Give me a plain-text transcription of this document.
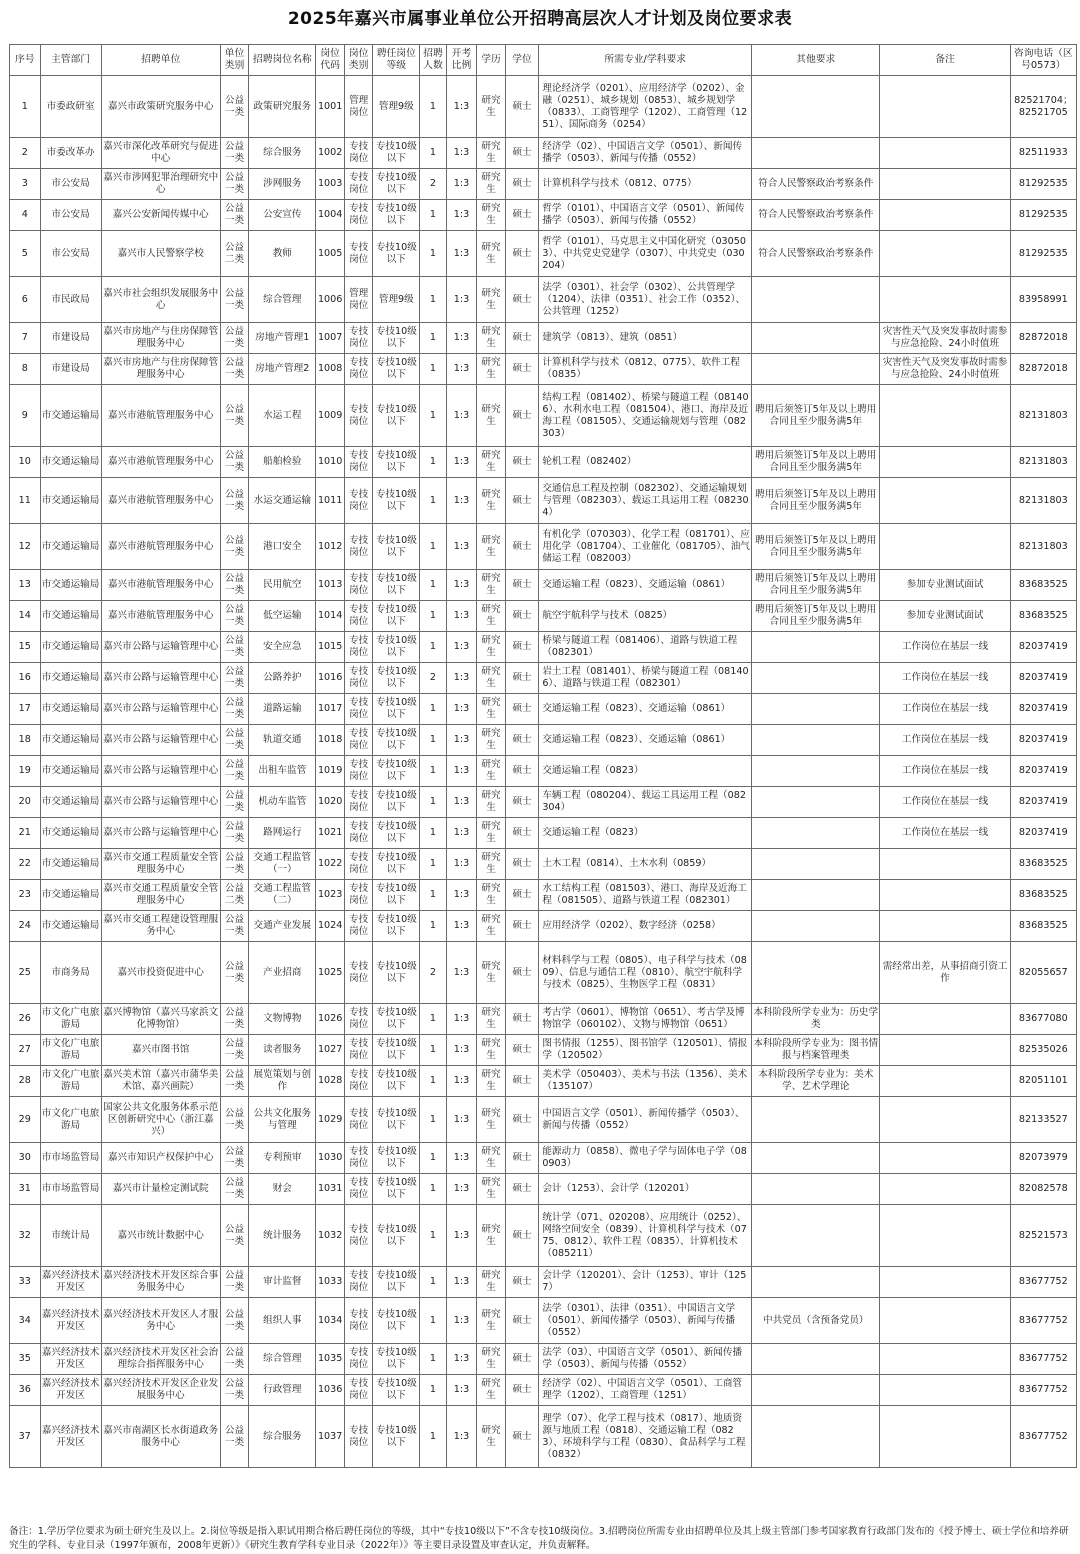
2025年嘉兴市属事业单位公开招聘高层次人才计划及岗位要求表
序号	主管部门	招聘单位	单位类别	招聘岗位名称	岗位代码	岗位类别	聘任岗位等级	招聘人数	开考比例	学历	学位	所需专业/学科要求	其他要求	备注	咨询电话（区号0573）
1	市委政研室	嘉兴市政策研究服务中心	公益一类	政策研究服务	1001	管理岗位	管理9级	1	1:3	研究生	硕士	理论经济学（0201）、应用经济学（0202）、金融（0251）、城乡规划（0853）、城乡规划学（0833）、工商管理学（1202）、工商管理（1251）、国际商务（0254）			82521704；82521705
2	市委改革办	嘉兴市深化改革研究与促进中心	公益一类	综合服务	1002	专技岗位	专技10级以下	1	1:3	研究生	硕士	经济学（02）、中国语言文学（0501）、新闻传播学（0503）、新闻与传播（0552）			82511933
3	市公安局	嘉兴市涉网犯罪治理研究中心	公益一类	涉网服务	1003	专技岗位	专技10级以下	2	1:3	研究生	硕士	计算机科学与技术（0812、0775）	符合人民警察政治考察条件		81292535
4	市公安局	嘉兴公安新闻传媒中心	公益一类	公安宣传	1004	专技岗位	专技10级以下	1	1:3	研究生	硕士	哲学（0101）、中国语言文学（0501）、新闻传播学（0503）、新闻与传播（0552）	符合人民警察政治考察条件		81292535
5	市公安局	嘉兴市人民警察学校	公益二类	教师	1005	专技岗位	专技10级以下	1	1:3	研究生	硕士	哲学（0101）、马克思主义中国化研究（030503）、中共党史党建学（0307）、中共党史（030204）	符合人民警察政治考察条件		81292535
6	市民政局	嘉兴市社会组织发展服务中心	公益一类	综合管理	1006	管理岗位	管理9级	1	1:3	研究生	硕士	法学（0301）、社会学（0302）、公共管理学（1204）、法律（0351）、社会工作（0352）、公共管理（1252）			83958991
7	市建设局	嘉兴市房地产与住房保障管理服务中心	公益一类	房地产管理1	1007	专技岗位	专技10级以下	1	1:3	研究生	硕士	建筑学（0813）、建筑（0851）		灾害性天气及突发事故时需参与应急抢险、24小时值班	82872018
8	市建设局	嘉兴市房地产与住房保障管理服务中心	公益一类	房地产管理2	1008	专技岗位	专技10级以下	1	1:3	研究生	硕士	计算机科学与技术（0812、0775）、软件工程（0835）		灾害性天气及突发事故时需参与应急抢险、24小时值班	82872018
9	市交通运输局	嘉兴市港航管理服务中心	公益一类	水运工程	1009	专技岗位	专技10级以下	1	1:3	研究生	硕士	结构工程（081402）、桥梁与隧道工程（081406）、水利水电工程（081504）、港口、海岸及近海工程（081505）、交通运输规划与管理（082303）	聘用后须签订5年及以上聘用合同且至少服务满5年		82131803
10	市交通运输局	嘉兴市港航管理服务中心	公益一类	船舶检验	1010	专技岗位	专技10级以下	1	1:3	研究生	硕士	轮机工程（082402）	聘用后须签订5年及以上聘用合同且至少服务满5年		82131803
11	市交通运输局	嘉兴市港航管理服务中心	公益一类	水运交通运输	1011	专技岗位	专技10级以下	1	1:3	研究生	硕士	交通信息工程及控制（082302）、交通运输规划与管理（082303）、载运工具运用工程（082304）	聘用后须签订5年及以上聘用合同且至少服务满5年		82131803
12	市交通运输局	嘉兴市港航管理服务中心	公益一类	港口安全	1012	专技岗位	专技10级以下	1	1:3	研究生	硕士	有机化学（070303）、化学工程（081701）、应用化学（081704）、工业催化（081705）、油气储运工程（082003）	聘用后须签订5年及以上聘用合同且至少服务满5年		82131803
13	市交通运输局	嘉兴市港航管理服务中心	公益一类	民用航空	1013	专技岗位	专技10级以下	1	1:3	研究生	硕士	交通运输工程（0823）、交通运输（0861）	聘用后须签订5年及以上聘用合同且至少服务满5年	参加专业测试面试	83683525
14	市交通运输局	嘉兴市港航管理服务中心	公益一类	低空运输	1014	专技岗位	专技10级以下	1	1:3	研究生	硕士	航空宇航科学与技术（0825）	聘用后须签订5年及以上聘用合同且至少服务满5年	参加专业测试面试	83683525
15	市交通运输局	嘉兴市公路与运输管理中心	公益一类	安全应急	1015	专技岗位	专技10级以下	1	1:3	研究生	硕士	桥梁与隧道工程（081406）、道路与铁道工程（082301）		工作岗位在基层一线	82037419
16	市交通运输局	嘉兴市公路与运输管理中心	公益一类	公路养护	1016	专技岗位	专技10级以下	2	1:3	研究生	硕士	岩土工程（081401）、桥梁与隧道工程（081406）、道路与铁道工程（082301）		工作岗位在基层一线	82037419
17	市交通运输局	嘉兴市公路与运输管理中心	公益一类	道路运输	1017	专技岗位	专技10级以下	1	1:3	研究生	硕士	交通运输工程（0823）、交通运输（0861）		工作岗位在基层一线	82037419
18	市交通运输局	嘉兴市公路与运输管理中心	公益一类	轨道交通	1018	专技岗位	专技10级以下	1	1:3	研究生	硕士	交通运输工程（0823）、交通运输（0861）		工作岗位在基层一线	82037419
19	市交通运输局	嘉兴市公路与运输管理中心	公益一类	出租车监管	1019	专技岗位	专技10级以下	1	1:3	研究生	硕士	交通运输工程（0823）		工作岗位在基层一线	82037419
20	市交通运输局	嘉兴市公路与运输管理中心	公益一类	机动车监管	1020	专技岗位	专技10级以下	1	1:3	研究生	硕士	车辆工程（080204）、载运工具运用工程（082304）		工作岗位在基层一线	82037419
21	市交通运输局	嘉兴市公路与运输管理中心	公益一类	路网运行	1021	专技岗位	专技10级以下	1	1:3	研究生	硕士	交通运输工程（0823）		工作岗位在基层一线	82037419
22	市交通运输局	嘉兴市交通工程质量安全管理服务中心	公益一类	交通工程监管（一）	1022	专技岗位	专技10级以下	1	1:3	研究生	硕士	土木工程（0814）、土木水利（0859）			83683525
23	市交通运输局	嘉兴市交通工程质量安全管理服务中心	公益二类	交通工程监管（二）	1023	专技岗位	专技10级以下	1	1:3	研究生	硕士	水工结构工程（081503）、港口、海岸及近海工程（081505）、道路与铁道工程（082301）			83683525
24	市交通运输局	嘉兴市交通工程建设管理服务中心	公益一类	交通产业发展	1024	专技岗位	专技10级以下	1	1:3	研究生	硕士	应用经济学（0202）、数字经济（0258）			83683525
25	市商务局	嘉兴市投资促进中心	公益一类	产业招商	1025	专技岗位	专技10级以下	2	1:3	研究生	硕士	材料科学与工程（0805）、电子科学与技术（0809）、信息与通信工程（0810）、航空宇航科学与技术（0825）、生物医学工程（0831）		需经常出差，从事招商引资工作	82055657
26	市文化广电旅游局	嘉兴博物馆（嘉兴马家浜文化博物馆）	公益一类	文物博物	1026	专技岗位	专技10级以下	1	1:3	研究生	硕士	考古学（0601）、博物馆（0651）、考古学及博物馆学（060102）、文物与博物馆（0651）	本科阶段所学专业为：历史学类		83677080
27	市文化广电旅游局	嘉兴市图书馆	公益一类	读者服务	1027	专技岗位	专技10级以下	1	1:3	研究生	硕士	图书情报（1255）、图书馆学（120501）、情报学（120502）	本科阶段所学专业为：图书情报与档案管理类		82535026
28	市文化广电旅游局	嘉兴美术馆（嘉兴市蒲华美术馆、嘉兴画院）	公益一类	展览策划与创作	1028	专技岗位	专技10级以下	1	1:3	研究生	硕士	美术学（050403）、美术与书法（1356）、美术（135107）	本科阶段所学专业为：美术学、艺术学理论		82051101
29	市文化广电旅游局	国家公共文化服务体系示范区创新研究中心（浙江嘉兴）	公益一类	公共文化服务与管理	1029	专技岗位	专技10级以下	1	1:3	研究生	硕士	中国语言文学（0501）、新闻传播学（0503）、新闻与传播（0552）			82133527
30	市市场监管局	嘉兴市知识产权保护中心	公益一类	专利预审	1030	专技岗位	专技10级以下	1	1:3	研究生	硕士	能源动力（0858）、微电子学与固体电子学（080903）			82073979
31	市市场监管局	嘉兴市计量检定测试院	公益一类	财会	1031	专技岗位	专技10级以下	1	1:3	研究生	硕士	会计（1253）、会计学（120201）			82082578
32	市统计局	嘉兴市统计数据中心	公益一类	统计服务	1032	专技岗位	专技10级以下	1	1:3	研究生	硕士	统计学（071、020208）、应用统计（0252）、网络空间安全（0839）、计算机科学与技术（0775、0812）、软件工程（0835）、计算机技术（085211）			82521573
33	嘉兴经济技术开发区	嘉兴经济技术开发区综合事务服务中心	公益一类	审计监督	1033	专技岗位	专技10级以下	1	1:3	研究生	硕士	会计学（120201）、会计（1253）、审计（1257）			83677752
34	嘉兴经济技术开发区	嘉兴经济技术开发区人才服务中心	公益一类	组织人事	1034	专技岗位	专技10级以下	1	1:3	研究生	硕士	法学（0301）、法律（0351）、中国语言文学（0501）、新闻传播学（0503）、新闻与传播（0552）	中共党员（含预备党员）		83677752
35	嘉兴经济技术开发区	嘉兴经济技术开发区社会治理综合指挥服务中心	公益一类	综合管理	1035	专技岗位	专技10级以下	1	1:3	研究生	硕士	法学（03）、中国语言文学（0501）、新闻传播学（0503）、新闻与传播（0552）			83677752
36	嘉兴经济技术开发区	嘉兴经济技术开发区企业发展服务中心	公益一类	行政管理	1036	专技岗位	专技10级以下	1	1:3	研究生	硕士	经济学（02）、中国语言文学（0501）、工商管理学（1202）、工商管理（1251）			83677752
37	嘉兴经济技术开发区	嘉兴市南湖区长水街道政务服务中心	公益一类	综合服务	1037	专技岗位	专技10级以下	1	1:3	研究生	硕士	理学（07）、化学工程与技术（0817）、地质资源与地质工程（0818）、交通运输工程（0823）、环境科学与工程（0830）、食品科学与工程（0832）			83677752
备注：1.学历学位要求为硕士研究生及以上。2.岗位等级是指入职试用期合格后聘任岗位的等级，其中“专技10级以下”不含专技10级岗位。3.招聘岗位所需专业由招聘单位及其上级主管部门参考国家教育行政部门发布的《授予博士、硕士学位和培养研究生的学科、专业目录（1997年颁布，2008年更新）》《研究生教育学科专业目录（2022年）》等主要目录设置及审查认定，并负责解释。
